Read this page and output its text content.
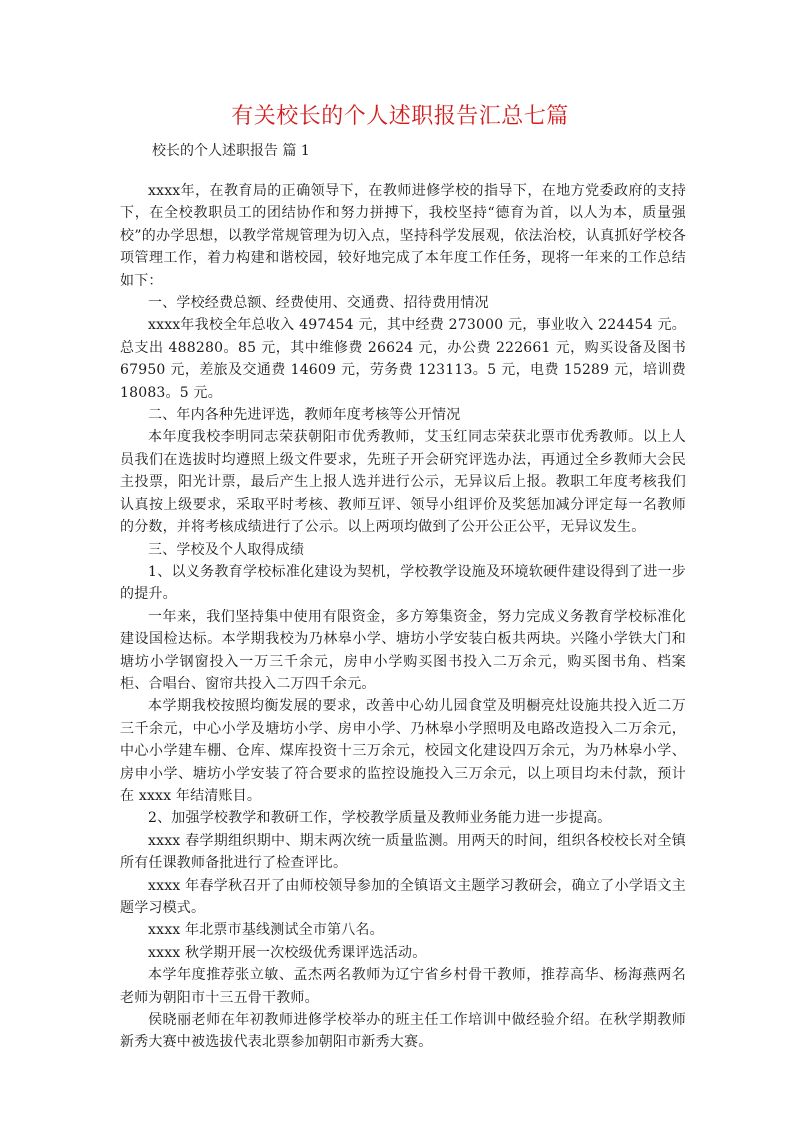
有关校长的个人述职报告汇总七篇
校长的个人述职报告 篇 1

xxxx年，在教育局的正确领导下，在教师进修学校的指导下，在地方党委政府的支持下，在全校教职员工的团结协作和努力拼搏下，我校坚持“德育为首，以人为本，质量强校”的办学思想，以教学常规管理为切入点，坚持科学发展观，依法治校，认真抓好学校各项管理工作，着力构建和谐校园，较好地完成了本年度工作任务，现将一年来的工作总结如下：

一、学校经费总额、经费使用、交通费、招待费用情况

xxxx年我校全年总收入 497454 元，其中经费 273000 元，事业收入 224454 元。总支出 488280。85 元，其中维修费 26624 元，办公费 222661 元，购买设备及图书 67950 元，差旅及交通费 14609 元，劳务费 123113。5 元，电费 15289 元，培训费 18083。5 元。

二、年内各种先进评选，教师年度考核等公开情况

本年度我校李明同志荣获朝阳市优秀教师，艾玉红同志荣获北票市优秀教师。以上人员我们在选拔时均遵照上级文件要求，先班子开会研究评选办法，再通过全乡教师大会民主投票，阳光计票，最后产生上报人选并进行公示，无异议后上报。教职工年度考核我们认真按上级要求，采取平时考核、教师互评、领导小组评价及奖惩加减分评定每一名教师的分数，并将考核成绩进行了公示。以上两项均做到了公开公正公平，无异议发生。

三、学校及个人取得成绩

1、以义务教育学校标准化建设为契机，学校教学设施及环境软硬件建设得到了进一步的提升。

一年来，我们坚持集中使用有限资金，多方筹集资金，努力完成义务教育学校标准化建设国检达标。本学期我校为乃林皋小学、塘坊小学安装白板共两块。兴隆小学铁大门和塘坊小学钢窗投入一万三千余元，房申小学购买图书投入二万余元，购买图书角、档案柜、合唱台、窗帘共投入二万四千余元。

本学期我校按照均衡发展的要求，改善中心幼儿园食堂及明橱亮灶设施共投入近二万三千余元，中心小学及塘坊小学、房申小学、乃林皋小学照明及电路改造投入二万余元，中心小学建车棚、仓库、煤库投资十三万余元，校园文化建设四万余元，为乃林皋小学、房申小学、塘坊小学安装了符合要求的监控设施投入三万余元，以上项目均未付款，预计在 xxxx 年结清账目。

2、加强学校教学和教研工作，学校教学质量及教师业务能力进一步提高。

xxxx 春学期组织期中、期末两次统一质量监测。用两天的时间，组织各校校长对全镇所有任课教师备批进行了检查评比。

xxxx 年春学秋召开了由师校领导参加的全镇语文主题学习教研会，确立了小学语文主题学习模式。

xxxx 年北票市基线测试全市第八名。

xxxx 秋学期开展一次校级优秀课评选活动。

本学年度推荐张立敏、孟杰两名教师为辽宁省乡村骨干教师，推荐高华、杨海燕两名老师为朝阳市十三五骨干教师。

侯晓丽老师在年初教师进修学校举办的班主任工作培训中做经验介绍。在秋学期教师新秀大赛中被选拔代表北票参加朝阳市新秀大赛。
